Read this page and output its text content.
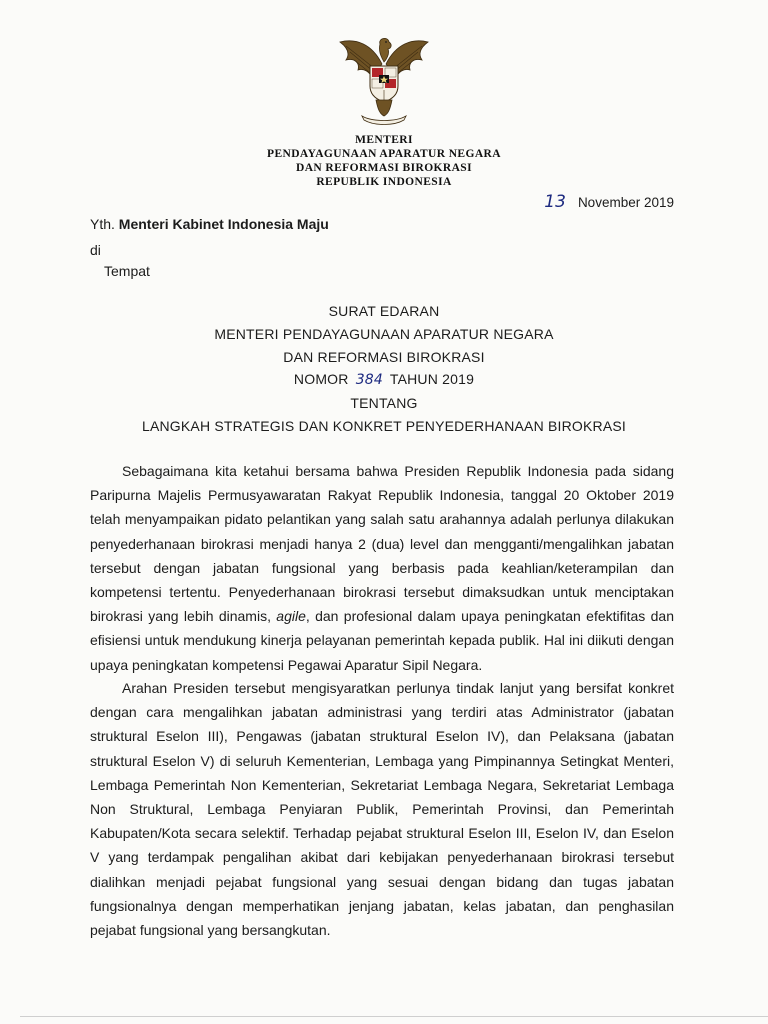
MENTERI
PENDAYAGUNAAN APARATUR NEGARA
DAN REFORMASI BIROKRASI
REPUBLIK INDONESIA
13 November 2019
Yth. Menteri Kabinet Indonesia Maju
di
Tempat
SURAT EDARAN
MENTERI PENDAYAGUNAAN APARATUR NEGARA
DAN REFORMASI BIROKRASI
NOMOR 384 TAHUN 2019
TENTANG
LANGKAH STRATEGIS DAN KONKRET PENYEDERHANAAN BIROKRASI

Sebagaimana kita ketahui bersama bahwa Presiden Republik Indonesia pada sidang Paripurna Majelis Permusyawaratan Rakyat Republik Indonesia, tanggal 20 Oktober 2019 telah menyampaikan pidato pelantikan yang salah satu arahannya adalah perlunya dilakukan penyederhanaan birokrasi menjadi hanya 2 (dua) level dan mengganti/mengalihkan jabatan tersebut dengan jabatan fungsional yang berbasis pada keahlian/keterampilan dan kompetensi tertentu. Penyederhanaan birokrasi tersebut dimaksudkan untuk menciptakan birokrasi yang lebih dinamis, agile, dan profesional dalam upaya peningkatan efektifitas dan efisiensi untuk mendukung kinerja pelayanan pemerintah kepada publik. Hal ini diikuti dengan upaya peningkatan kompetensi Pegawai Aparatur Sipil Negara.

Arahan Presiden tersebut mengisyaratkan perlunya tindak lanjut yang bersifat konkret dengan cara mengalihkan jabatan administrasi yang terdiri atas Administrator (jabatan struktural Eselon III), Pengawas (jabatan struktural Eselon IV), dan Pelaksana (jabatan struktural Eselon V) di seluruh Kementerian, Lembaga yang Pimpinannya Setingkat Menteri, Lembaga Pemerintah Non Kementerian, Sekretariat Lembaga Negara, Sekretariat Lembaga Non Struktural, Lembaga Penyiaran Publik, Pemerintah Provinsi, dan Pemerintah Kabupaten/Kota secara selektif. Terhadap pejabat struktural Eselon III, Eselon IV, dan Eselon V yang terdampak pengalihan akibat dari kebijakan penyederhanaan birokrasi tersebut dialihkan menjadi pejabat fungsional yang sesuai dengan bidang dan tugas jabatan fungsionalnya dengan memperhatikan jenjang jabatan, kelas jabatan, dan penghasilan pejabat fungsional yang bersangkutan.
